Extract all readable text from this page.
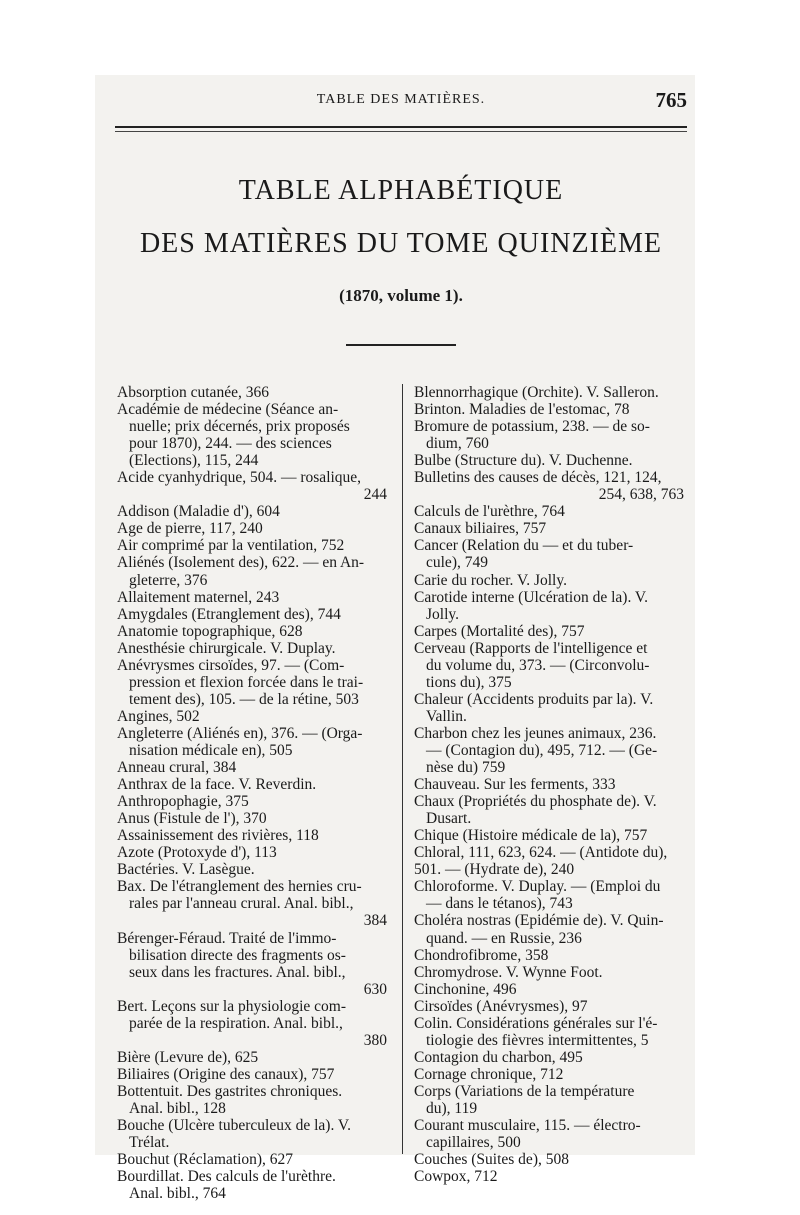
TABLE DES MATIÈRES.	765
TABLE ALPHABÉTIQUE
DES MATIÈRES DU TOME QUINZIÈME
(1870, volume 1).
Absorption cutanée, 366
Académie de médecine (Séance an-
nuelle; prix décernés, prix proposés
pour 1870), 244. — des sciences
(Elections), 115, 244
Acide cyanhydrique, 504. — rosalique,
244
Addison (Maladie d'), 604
Age de pierre, 117, 240
Air comprimé par la ventilation, 752
Aliénés (Isolement des), 622. — en An-
gleterre, 376
Allaitement maternel, 243
Amygdales (Etranglement des), 744
Anatomie topographique, 628
Anesthésie chirurgicale. V. Duplay.
Anévrysmes cirsoïdes, 97. — (Com-
pression et flexion forcée dans le trai-
tement des), 105. — de la rétine, 503
Angines, 502
Angleterre (Aliénés en), 376. — (Orga-
nisation médicale en), 505
Anneau crural, 384
Anthrax de la face. V. Reverdin.
Anthropophagie, 375
Anus (Fistule de l'), 370
Assainissement des rivières, 118
Azote (Protoxyde d'), 113
Bactéries. V. Lasègue.
Bax. De l'étranglement des hernies cru-
rales par l'anneau crural. Anal. bibl.,
384
Bérenger-Féraud. Traité de l'immo-
bilisation directe des fragments os-
seux dans les fractures. Anal. bibl.,
630
Bert. Leçons sur la physiologie com-
parée de la respiration. Anal. bibl.,
380
Bière (Levure de), 625
Biliaires (Origine des canaux), 757
Bottentuit. Des gastrites chroniques.
Anal. bibl., 128
Bouche (Ulcère tuberculeux de la). V.
Trélat.
Bouchut (Réclamation), 627
Bourdillat. Des calculs de l'urèthre.
Anal. bibl., 764
Blennorrhagique (Orchite). V. Salleron.
Brinton. Maladies de l'estomac, 78
Bromure de potassium, 238. — de so-
dium, 760
Bulbe (Structure du). V. Duchenne.
Bulletins des causes de décès, 121, 124,
254, 638, 763
Calculs de l'urèthre, 764
Canaux biliaires, 757
Cancer (Relation du — et du tuber-
cule), 749
Carie du rocher. V. Jolly.
Carotide interne (Ulcération de la). V.
Jolly.
Carpes (Mortalité des), 757
Cerveau (Rapports de l'intelligence et
du volume du, 373. — (Circonvolu-
tions du), 375
Chaleur (Accidents produits par la). V.
Vallin.
Charbon chez les jeunes animaux, 236.
— (Contagion du), 495, 712. — (Ge-
nèse du) 759
Chauveau. Sur les ferments, 333
Chaux (Propriétés du phosphate de). V.
Dusart.
Chique (Histoire médicale de la), 757
Chloral, 111, 623, 624. — (Antidote du),
501. — (Hydrate de), 240
Chloroforme. V. Duplay. — (Emploi du
— dans le tétanos), 743
Choléra nostras (Epidémie de). V. Quin-
quand. — en Russie, 236
Chondrofibrome, 358
Chromydrose. V. Wynne Foot.
Cinchonine, 496
Cirsoïdes (Anévrysmes), 97
Colin. Considérations générales sur l'é-
tiologie des fièvres intermittentes, 5
Contagion du charbon, 495
Cornage chronique, 712
Corps (Variations de la température
du), 119
Courant musculaire, 115. — électro-
capillaires, 500
Couches (Suites de), 508
Cowpox, 712
